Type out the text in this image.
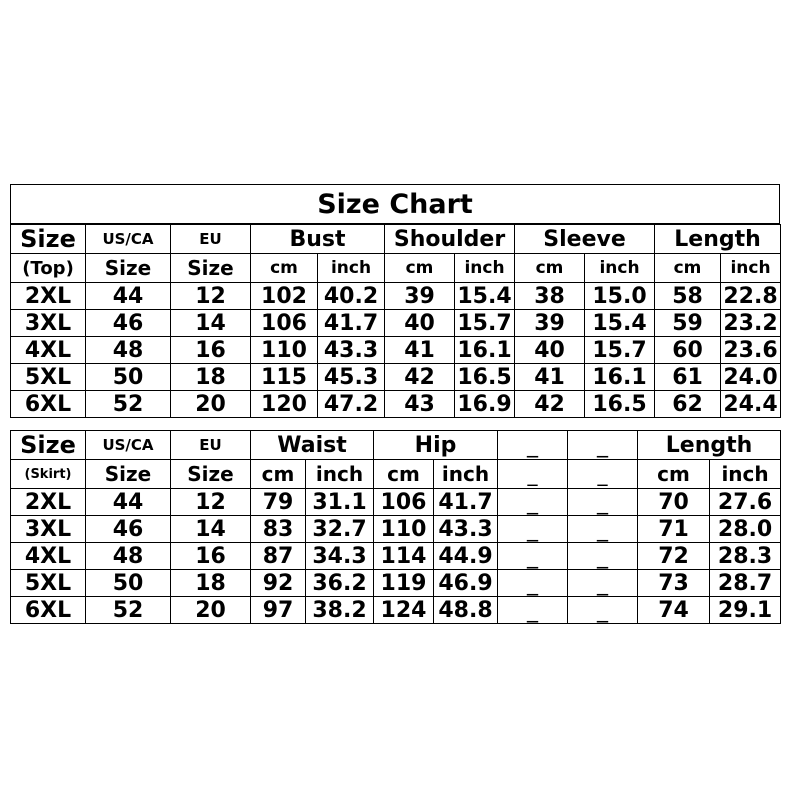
Size Chart
Size	US/CA	EU	Bust		Shoulder		Sleeve		Length	
(Top)	Size	Size	cm	inch	cm	inch	cm	inch	cm	inch
2XL	44	12	102	40.2	39	15.4	38	15.0	58	22.8
3XL	46	14	106	41.7	40	15.7	39	15.4	59	23.2
4XL	48	16	110	43.3	41	16.1	40	15.7	60	23.6
5XL	50	18	115	45.3	42	16.5	41	16.1	61	24.0
6XL	52	20	120	47.2	43	16.9	42	16.5	62	24.4
Size	US/CA	EU	Waist		Hip		_	_	Length	
(Skirt)	Size	Size	cm	inch	cm	inch	_	_	cm	inch
2XL	44	12	79	31.1	106	41.7	_	_	70	27.6
3XL	46	14	83	32.7	110	43.3	_	_	71	28.0
4XL	48	16	87	34.3	114	44.9	_	_	72	28.3
5XL	50	18	92	36.2	119	46.9	_	_	73	28.7
6XL	52	20	97	38.2	124	48.8	_	_	74	29.1
